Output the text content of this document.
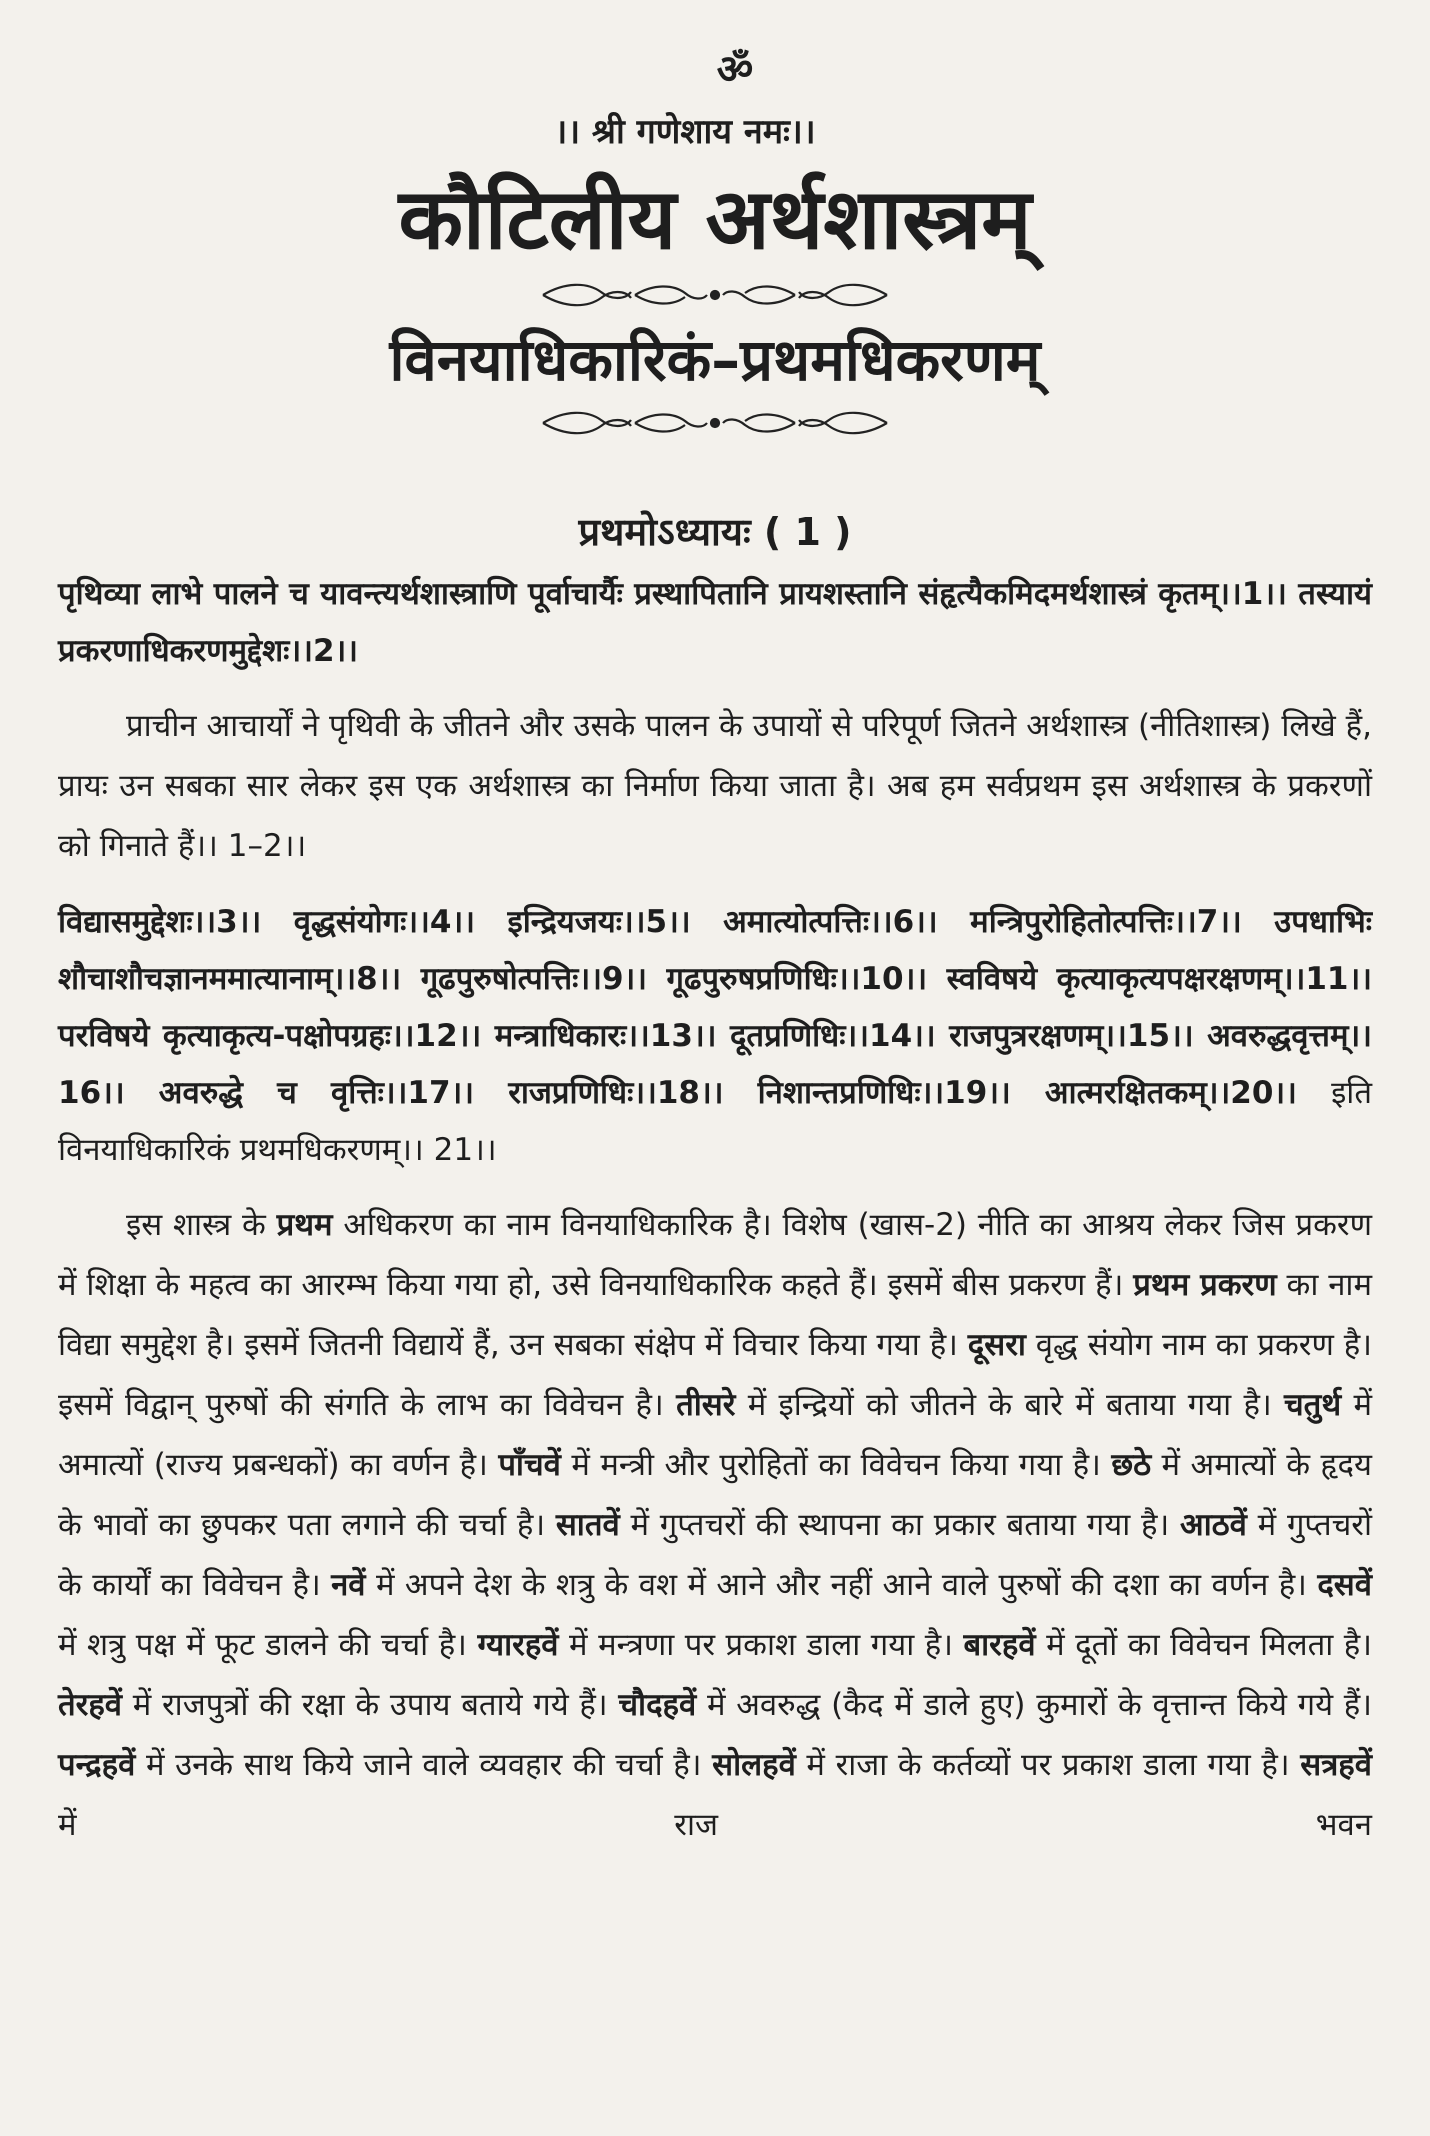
ॐ
।। श्री गणेशाय नमः।।
कौटिलीय अर्थशास्त्रम्
विनयाधिकारिकं–प्रथमधिकरणम्
प्रथमोऽध्यायः ( 1 )

पृथिव्या लाभे पालने च यावन्त्यर्थशास्त्राणि पूर्वाचार्यैः प्रस्थापितानि प्रायशस्तानि संहृत्यैकमिदमर्थशास्त्रं कृतम्।।1।। तस्यायं प्रकरणाधिकरणमुद्देशः।।2।।

प्राचीन आचार्यों ने पृथिवी के जीतने और उसके पालन के उपायों से परिपूर्ण जितने अर्थशास्त्र (नीतिशास्त्र) लिखे हैं, प्रायः उन सबका सार लेकर इस एक अर्थशास्त्र का निर्माण किया जाता है। अब हम सर्वप्रथम इस अर्थशास्त्र के प्रकरणों को गिनाते हैं।। 1–2।।

विद्यासमुद्देशः।।3।। वृद्धसंयोगः।।4।। इन्द्रियजयः।।5।। अमात्योत्पत्तिः।।6।। मन्त्रिपुरोहितोत्पत्तिः।।7।। उपधाभिः शौचाशौचज्ञानममात्यानाम्।।8।। गूढपुरुषोत्पत्तिः।।9।। गूढपुरुषप्रणिधिः।।10।। स्वविषये कृत्याकृत्यपक्षरक्षणम्।।11।। परविषये कृत्याकृत्य-पक्षोपग्रहः।।12।। मन्त्राधिकारः।।13।। दूतप्रणिधिः।।14।। राजपुत्ररक्षणम्।।15।। अवरुद्धवृत्तम्।।16।। अवरुद्धे च वृत्तिः।।17।। राजप्रणिधिः।।18।। निशान्तप्रणिधिः।।19।। आत्मरक्षितकम्।।20।। इति विनयाधिकारिकं प्रथमधिकरणम्।। 21।।

इस शास्त्र के प्रथम अधिकरण का नाम विनयाधिकारिक है। विशेष (खास-2) नीति का आश्रय लेकर जिस प्रकरण में शिक्षा के महत्व का आरम्भ किया गया हो, उसे विनयाधिकारिक कहते हैं। इसमें बीस प्रकरण हैं। प्रथम प्रकरण का नाम विद्या समुद्देश है। इसमें जितनी विद्यायें हैं, उन सबका संक्षेप में विचार किया गया है। दूसरा वृद्ध संयोग नाम का प्रकरण है। इसमें विद्वान् पुरुषों की संगति के लाभ का विवेचन है। तीसरे में इन्द्रियों को जीतने के बारे में बताया गया है। चतुर्थ में अमात्यों (राज्य प्रबन्धकों) का वर्णन है। पाँचवें में मन्त्री और पुरोहितों का विवेचन किया गया है। छठे में अमात्यों के हृदय के भावों का छुपकर पता लगाने की चर्चा है। सातवें में गुप्तचरों की स्थापना का प्रकार बताया गया है। आठवें में गुप्तचरों के कार्यों का विवेचन है। नवें में अपने देश के शत्रु के वश में आने और नहीं आने वाले पुरुषों की दशा का वर्णन है। दसवें में शत्रु पक्ष में फूट डालने की चर्चा है। ग्यारहवें में मन्त्रणा पर प्रकाश डाला गया है। बारहवें में दूतों का विवेचन मिलता है। तेरहवें में राजपुत्रों की रक्षा के उपाय बताये गये हैं। चौदहवें में अवरुद्ध (कैद में डाले हुए) कुमारों के वृत्तान्त किये गये हैं। पन्द्रहवें में उनके साथ किये जाने वाले व्यवहार की चर्चा है। सोलहवें में राजा के कर्तव्यों पर प्रकाश डाला गया है। सत्रहवें में राज भवन
